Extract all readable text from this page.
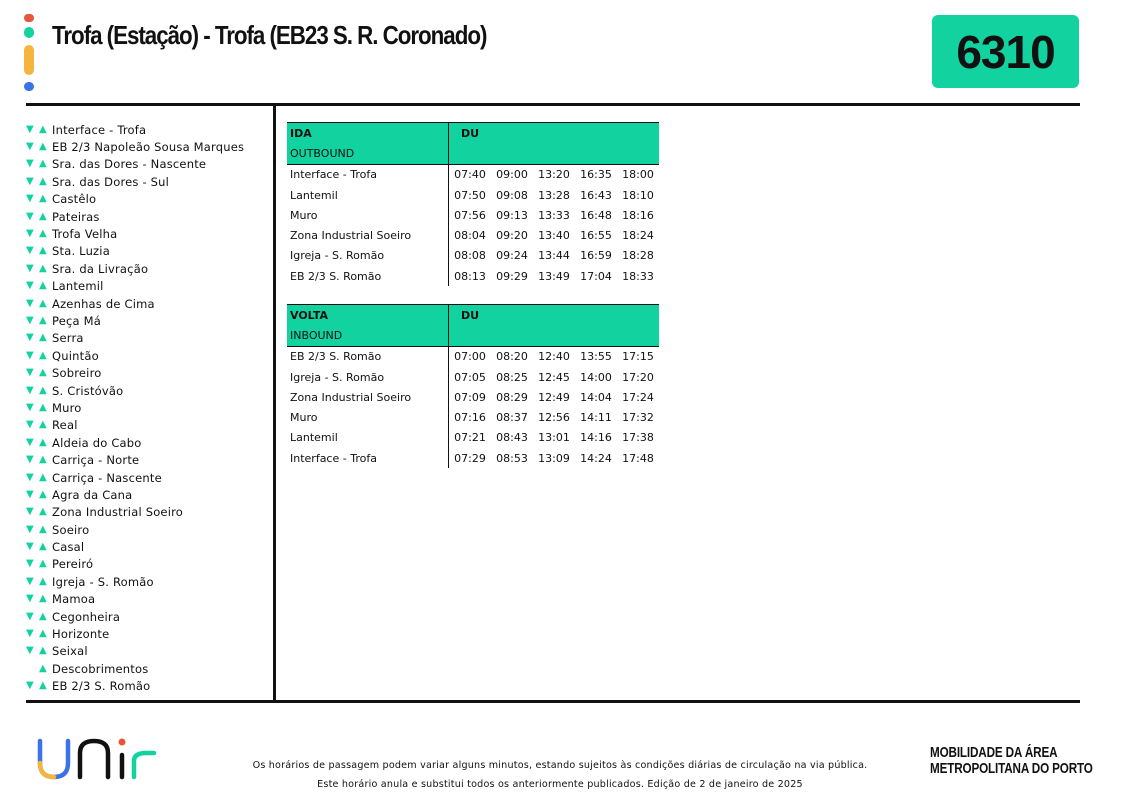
Trofa (Estação) - Trofa (EB23 S. R. Coronado)	6310
▼ ▲ Interface - Trofa
▼ ▲ EB 2/3 Napoleão Sousa Marques
▼ ▲ Sra. das Dores - Nascente
▼ ▲ Sra. das Dores - Sul
▼ ▲ Castêlo
▼ ▲ Pateiras
▼ ▲ Trofa Velha
▼ ▲ Sta. Luzia
▼ ▲ Sra. da Livração
▼ ▲ Lantemil
▼ ▲ Azenhas de Cima
▼ ▲ Peça Má
▼ ▲ Serra
▼ ▲ Quintão
▼ ▲ Sobreiro
▼ ▲ S. Cristóvão
▼ ▲ Muro
▼ ▲ Real
▼ ▲ Aldeia do Cabo
▼ ▲ Carriça - Norte
▼ ▲ Carriça - Nascente
▼ ▲ Agra da Cana
▼ ▲ Zona Industrial Soeiro
▼ ▲ Soeiro
▼ ▲ Casal
▼ ▲ Pereiró
▼ ▲ Igreja - S. Romão
▼ ▲ Mamoa
▼ ▲ Cegonheira
▼ ▲ Horizonte
▼ ▲ Seixal
▲ Descobrimentos
▼ ▲ EB 2/3 S. Romão
IDA	DU				
OUTBOUND					
Interface - Trofa	07:40	09:00	13:20	16:35	18:00
Lantemil	07:50	09:08	13:28	16:43	18:10
Muro	07:56	09:13	13:33	16:48	18:16
Zona Industrial Soeiro	08:04	09:20	13:40	16:55	18:24
Igreja - S. Romão	08:08	09:24	13:44	16:59	18:28
EB 2/3 S. Romão	08:13	09:29	13:49	17:04	18:33
VOLTA	DU				
INBOUND					
EB 2/3 S. Romão	07:00	08:20	12:40	13:55	17:15
Igreja - S. Romão	07:05	08:25	12:45	14:00	17:20
Zona Industrial Soeiro	07:09	08:29	12:49	14:04	17:24
Muro	07:16	08:37	12:56	14:11	17:32
Lantemil	07:21	08:43	13:01	14:16	17:38
Interface - Trofa	07:29	08:53	13:09	14:24	17:48
Os horários de passagem podem variar alguns minutos, estando sujeitos às condições diárias de circulação na via pública.
Este horário anula e substitui todos os anteriormente publicados. Edição de 2 de janeiro de 2025
MOBILIDADE DA ÁREA
METROPOLITANA DO PORTO
